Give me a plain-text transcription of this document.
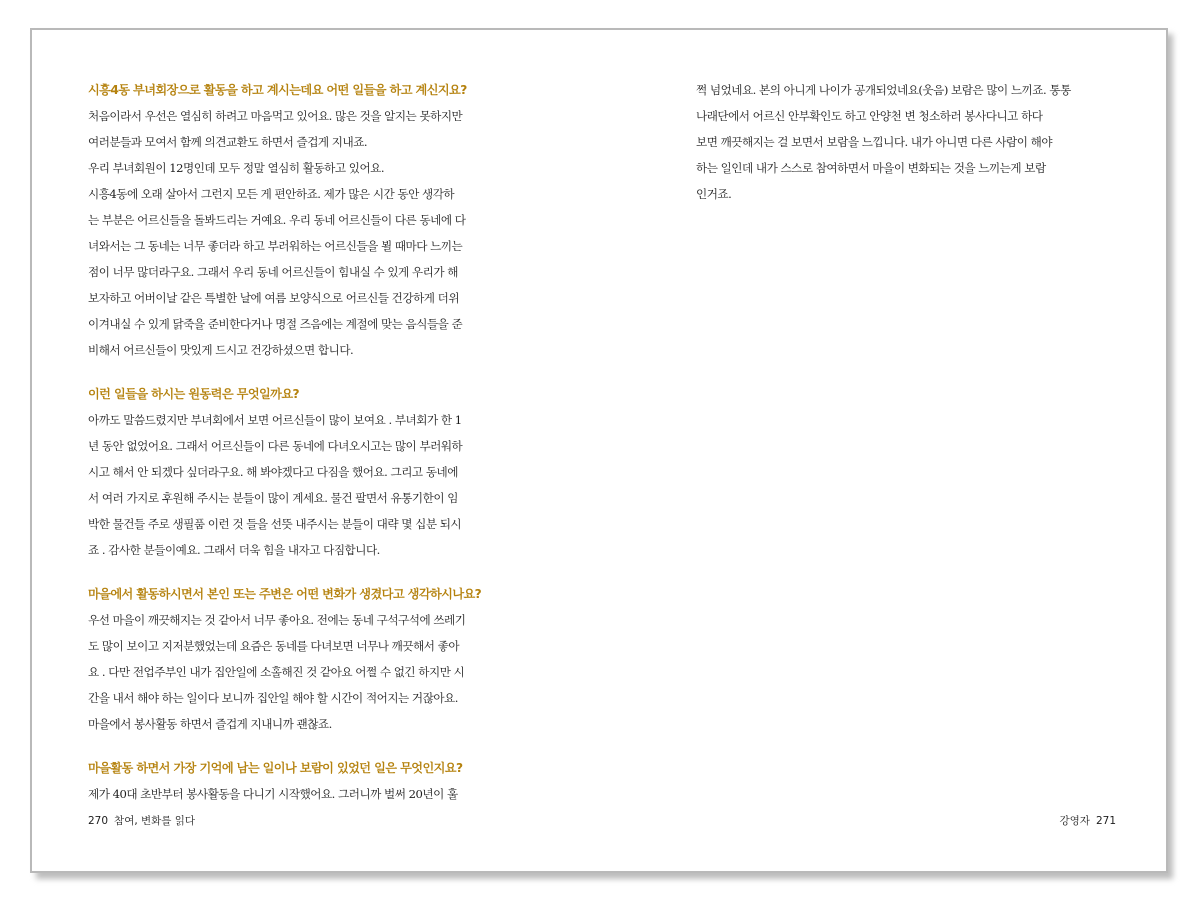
시흥4동 부녀회장으로 활동을 하고 계시는데요 어떤 일들을 하고 계신지요?
처음이라서 우선은 열심히 하려고 마음먹고 있어요. 많은 것을 알지는 못하지만
여러분들과 모여서 함께 의견교환도 하면서 즐겁게 지내죠.
우리 부녀회원이 12명인데 모두 정말 열심히 활동하고 있어요.
시흥4동에 오래 살아서 그런지 모든 게 편안하죠. 제가 많은 시간 동안 생각하
는 부분은 어르신들을 돌봐드리는 거예요. 우리 동네 어르신들이 다른 동네에 다
녀와서는 그 동네는 너무 좋더라 하고 부러워하는 어르신들을 뵐 때마다 느끼는
점이 너무 많더라구요. 그래서 우리 동네 어르신들이 힘내실 수 있게 우리가 해
보자하고 어버이날 같은 특별한 날에 여름 보양식으로 어르신들 건강하게 더위
이겨내실 수 있게 닭죽을 준비한다거나 명절 즈음에는 계절에 맞는 음식들을 준
비해서 어르신들이 맛있게 드시고 건강하셨으면 합니다.
이런 일들을 하시는 원동력은 무엇일까요?
아까도 말씀드렸지만 부녀회에서 보면 어르신들이 많이 보여요 . 부녀회가 한 1
년 동안 없었어요. 그래서 어르신들이 다른 동네에 다녀오시고는 많이 부러워하
시고 해서 안 되겠다 싶더라구요. 해 봐야겠다고 다짐을 했어요. 그리고 동네에
서 여러 가지로 후원해 주시는 분들이 많이 계세요. 물건 팔면서 유통기한이 임
박한 물건들 주로 생필품 이런 것 들을 선뜻 내주시는 분들이 대략 몇 십분 되시
죠 . 감사한 분들이예요. 그래서 더욱 힘을 내자고 다짐합니다.
마을에서 활동하시면서 본인 또는 주변은 어떤 변화가 생겼다고 생각하시나요?
우선 마을이 깨끗해지는 것 같아서 너무 좋아요. 전에는 동네 구석구석에 쓰레기
도 많이 보이고 지저분했었는데 요즘은 동네를 다녀보면 너무나 깨끗해서 좋아
요 . 다만 전업주부인 내가 집안일에 소홀해진 것 같아요 어쩔 수 없긴 하지만 시
간을 내서 해야 하는 일이다 보니까 집안일 해야 할 시간이 적어지는 거잖아요.
마을에서 봉사활동 하면서 즐겁게 지내니까 괜찮죠.
마을활동 하면서 가장 기억에 남는 일이나 보람이 있었던 일은 무엇인지요?
제가 40대 초반부터 봉사활동을 다니기 시작했어요. 그러니까 벌써 20년이 훌
270 참여, 변화를 읽다
쩍 넘었네요. 본의 아니게 나이가 공개되었네요(웃음) 보람은 많이 느끼죠. 통통
나래단에서 어르신 안부확인도 하고 안양천 변 청소하러 봉사다니고 하다
보면 깨끗해지는 걸 보면서 보람을 느낍니다. 내가 아니면 다른 사람이 해야
하는 일인데 내가 스스로 참여하면서 마을이 변화되는 것을 느끼는게 보람
인거죠.
강영자 271
